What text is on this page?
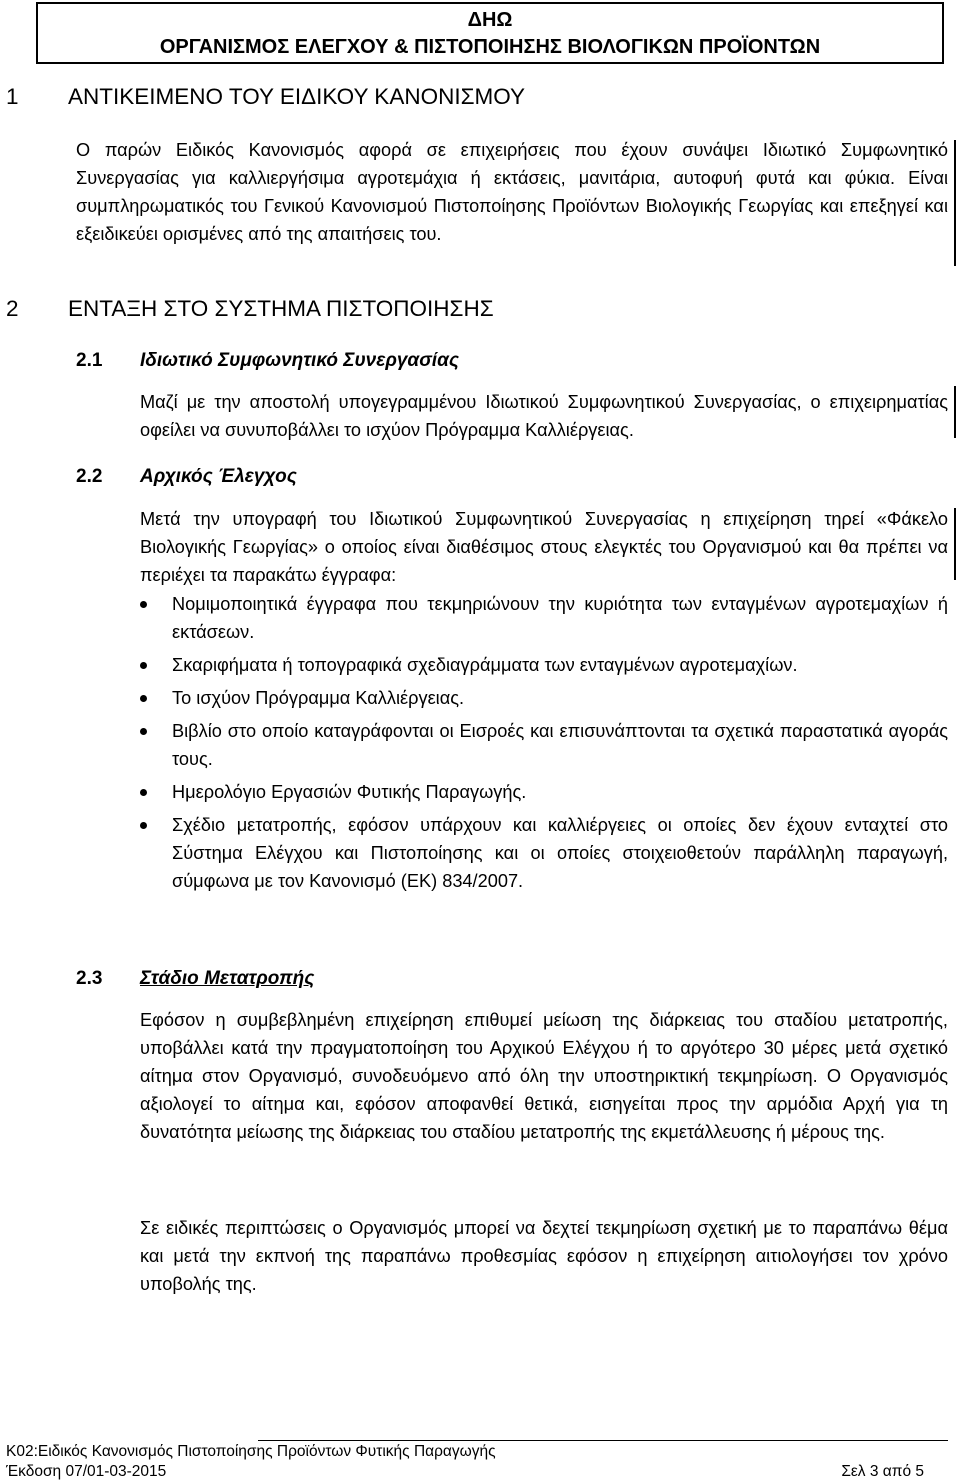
ΔΗΩ
ΟΡΓΑΝΙΣΜΟΣ ΕΛΕΓΧΟΥ & ΠΙΣΤΟΠΟΙΗΣΗΣ ΒΙΟΛΟΓΙΚΩΝ ΠΡΟΪΟΝΤΩΝ
1 ΑΝΤΙΚΕΙΜΕΝΟ ΤΟΥ ΕΙΔΙΚΟΥ ΚΑΝΟΝΙΣΜΟΥ

Ο παρών Ειδικός Κανονισμός αφορά σε επιχειρήσεις που έχουν συνάψει Ιδιωτικό Συμφωνητικό Συνεργασίας για καλλιεργήσιμα αγροτεμάχια ή εκτάσεις, μανιτάρια, αυτοφυή φυτά και φύκια. Είναι συμπληρωματικός του Γενικού Κανονισμού Πιστοποίησης Προϊόντων Βιολογικής Γεωργίας και επεξηγεί και εξειδικεύει ορισμένες από της απαιτήσεις του.

2 ΕΝΤΑΞΗ ΣΤΟ ΣΥΣΤΗΜΑ ΠΙΣΤΟΠΟΙΗΣΗΣ
2.1 Ιδιωτικό Συμφωνητικό Συνεργασίας

Μαζί με την αποστολή υπογεγραμμένου Ιδιωτικού Συμφωνητικού Συνεργασίας, ο επιχειρηματίας οφείλει να συνυποβάλλει το ισχύον Πρόγραμμα Καλλιέργειας.

2.2 Αρχικός Έλεγχος

Μετά την υπογραφή του Ιδιωτικού Συμφωνητικού Συνεργασίας η επιχείρηση τηρεί «Φάκελο Βιολογικής Γεωργίας» ο οποίος είναι διαθέσιμος στους ελεγκτές του Οργανισμού και θα πρέπει να περιέχει τα παρακάτω έγγραφα:

Νομιμοποιητικά έγγραφα που τεκμηριώνουν την κυριότητα των ενταγμένων αγροτεμαχίων ή εκτάσεων.
Σκαριφήματα ή τοπογραφικά σχεδιαγράμματα των ενταγμένων αγροτεμαχίων.
Το ισχύον Πρόγραμμα Καλλιέργειας.
Βιβλίο στο οποίο καταγράφονται οι Εισροές και επισυνάπτονται τα σχετικά παραστατικά αγοράς τους.
Ημερολόγιο Εργασιών Φυτικής Παραγωγής.
Σχέδιο μετατροπής, εφόσον υπάρχουν και καλλιέργειες οι οποίες δεν έχουν ενταχτεί στο Σύστημα Ελέγχου και Πιστοποίησης και οι οποίες στοιχειοθετούν παράλληλη παραγωγή, σύμφωνα με τον Κανονισμό (ΕΚ) 834/2007.
2.3 Στάδιο Μετατροπής

Εφόσον η συμβεβλημένη επιχείρηση επιθυμεί μείωση της διάρκειας του σταδίου μετατροπής, υποβάλλει κατά την πραγματοποίηση του Αρχικού Ελέγχου ή το αργότερο 30 μέρες μετά σχετικό αίτημα στον Οργανισμό, συνοδευόμενο από όλη την υποστηρικτική τεκμηρίωση. Ο Οργανισμός αξιολογεί το αίτημα και, εφόσον αποφανθεί θετικά, εισηγείται προς την αρμόδια Αρχή για τη δυνατότητα μείωσης της διάρκειας του σταδίου μετατροπής της εκμετάλλευσης ή μέρους της.

Σε ειδικές περιπτώσεις ο Οργανισμός μπορεί να δεχτεί τεκμηρίωση σχετική με το παραπάνω θέμα και μετά την εκπνοή της παραπάνω προθεσμίας εφόσον η επιχείρηση αιτιολογήσει τον χρόνο υποβολής της.

Κ02:Ειδικός Κανονισμός Πιστοποίησης Προϊόντων Φυτικής Παραγωγής

Έκδοση 07/01-03-2015	Σελ 3 από 5
